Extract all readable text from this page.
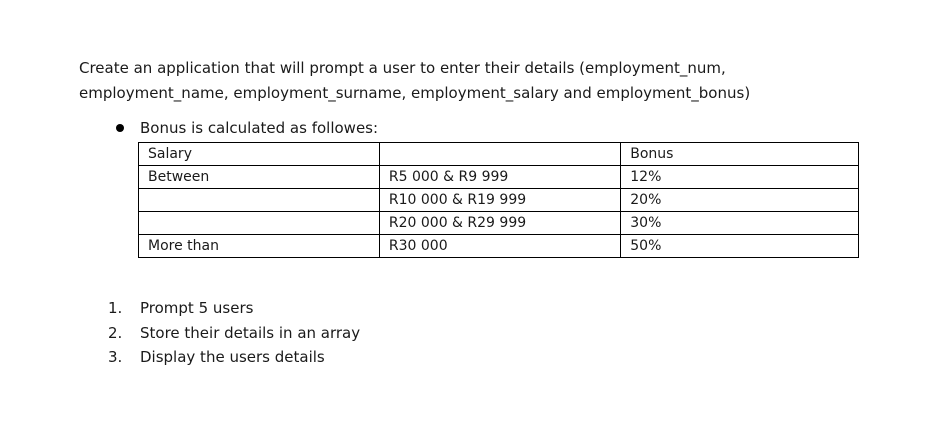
Create an application that will prompt a user to enter their details (employment_num,
employment_name, employment_surname, employment_salary and employment_bonus)

Bonus is calculated as followes:
Salary		Bonus
Between	R5 000 & R9 999	12%
	R10 000 & R19 999	20%
	R20 000 & R29 999	30%
More than	R30 000	50%
1. Prompt 5 users
2. Store their details in an array
3. Display the users details
